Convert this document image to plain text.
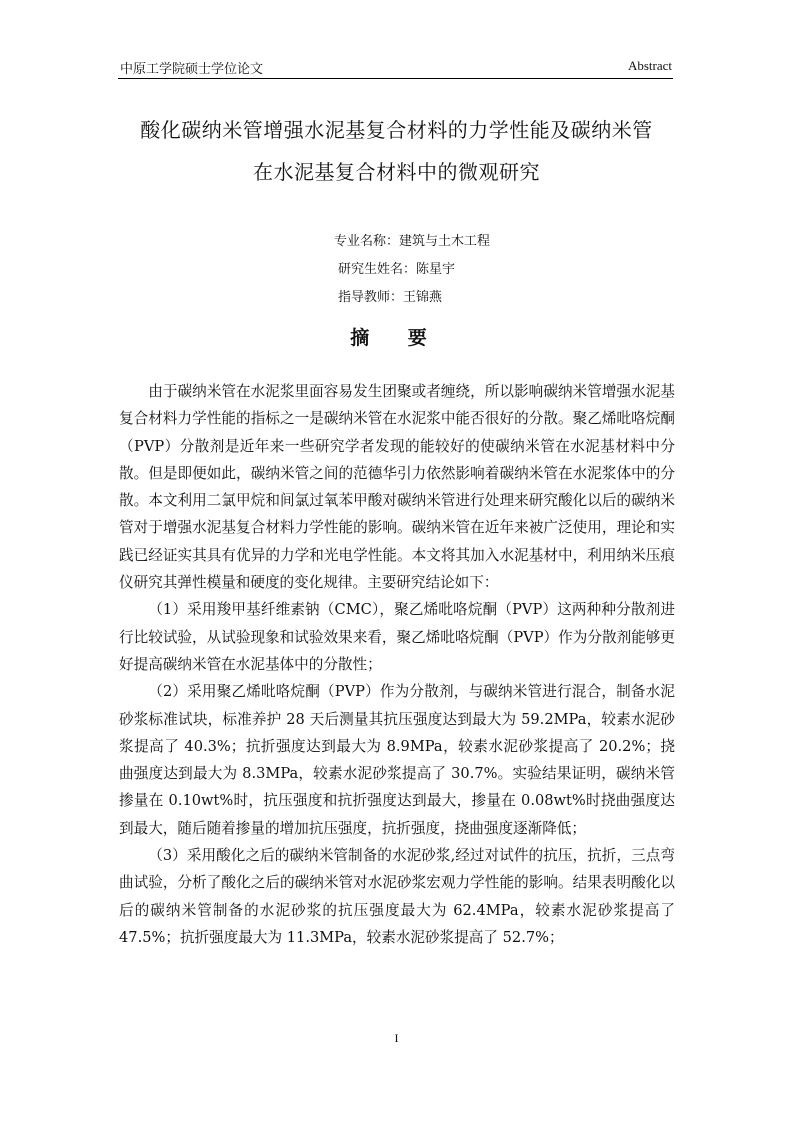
中原工学院硕士学位论文	Abstract
酸化碳纳米管增强水泥基复合材料的力学性能及碳纳米管
在水泥基复合材料中的微观研究
专业名称：建筑与土木工程
研究生姓名：陈星宇
指导教师：王锦燕
摘 要

由于碳纳米管在水泥浆里面容易发生团聚或者缠绕，所以影响碳纳米管增强水泥基复合材料力学性能的指标之一是碳纳米管在水泥浆中能否很好的分散。聚乙烯吡咯烷酮（PVP）分散剂是近年来一些研究学者发现的能较好的使碳纳米管在水泥基材料中分散。但是即便如此，碳纳米管之间的范德华引力依然影响着碳纳米管在水泥浆体中的分散。本文利用二氯甲烷和间氯过氧苯甲酸对碳纳米管进行处理来研究酸化以后的碳纳米管对于增强水泥基复合材料力学性能的影响。碳纳米管在近年来被广泛使用，理论和实践已经证实其具有优异的力学和光电学性能。本文将其加入水泥基材中，利用纳米压痕仪研究其弹性模量和硬度的变化规律。主要研究结论如下：

（1）采用羧甲基纤维素钠（CMC），聚乙烯吡咯烷酮（PVP）这两种种分散剂进行比较试验，从试验现象和试验效果来看，聚乙烯吡咯烷酮（PVP）作为分散剂能够更好提高碳纳米管在水泥基体中的分散性；

（2）采用聚乙烯吡咯烷酮（PVP）作为分散剂，与碳纳米管进行混合，制备水泥砂浆标准试块，标准养护 28 天后测量其抗压强度达到最大为 59.2MPa，较素水泥砂浆提高了 40.3%；抗折强度达到最大为 8.9MPa，较素水泥砂浆提高了 20.2%；挠曲强度达到最大为 8.3MPa，较素水泥砂浆提高了 30.7%。实验结果证明，碳纳米管掺量在 0.10wt%时，抗压强度和抗折强度达到最大，掺量在 0.08wt%时挠曲强度达到最大，随后随着掺量的增加抗压强度，抗折强度，挠曲强度逐渐降低；

（3）采用酸化之后的碳纳米管制备的水泥砂浆,经过对试件的抗压，抗折，三点弯曲试验，分析了酸化之后的碳纳米管对水泥砂浆宏观力学性能的影响。结果表明酸化以后的碳纳米管制备的水泥砂浆的抗压强度最大为 62.4MPa，较素水泥砂浆提高了 47.5%；抗折强度最大为 11.3MPa，较素水泥砂浆提高了 52.7%；

I
